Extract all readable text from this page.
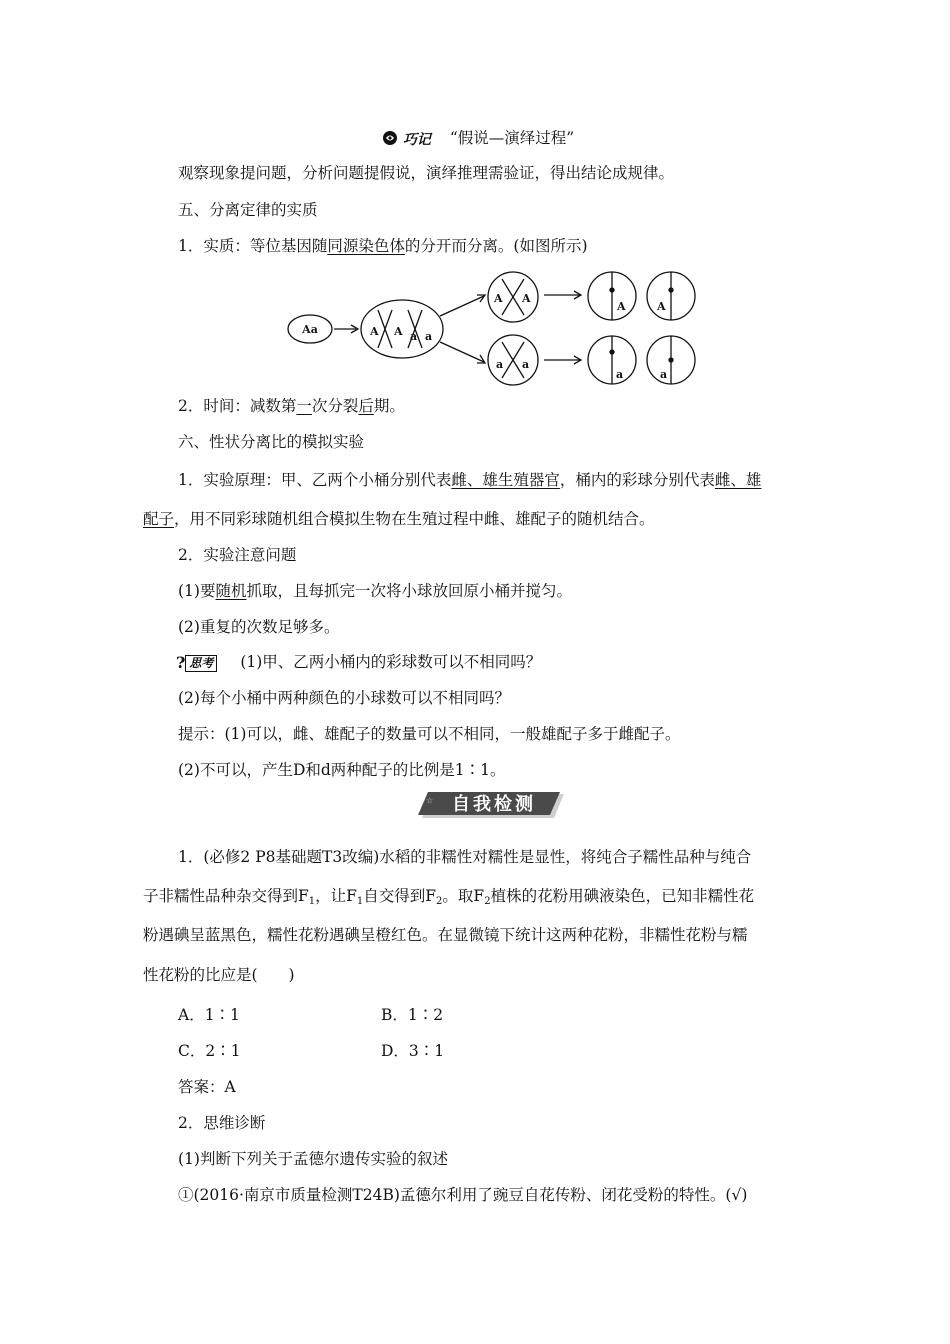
巧记 “假说—演绎过程”
观察现象提问题，分析问题提假说，演绎推理需验证，得出结论成规律。
五、分离定律的实质
1．实质：等位基因随同源染色体的分开而分离。(如图所示)
Aa	A A a a
A A
a a
A	A
a	a
2．时间：减数第一次分裂后期。
六、性状分离比的模拟实验
1．实验原理：甲、乙两个小桶分别代表雌、雄生殖器官，桶内的彩球分别代表雌、雄
配子，用不同彩球随机组合模拟生物在生殖过程中雌、雄配子的随机结合。
2．实验注意问题
(1)要随机抓取，且每抓完一次将小球放回原小桶并搅匀。
(2)重复的次数足够多。
? 思考 (1)甲、乙两小桶内的彩球数可以不相同吗？
(2)每个小桶中两种颜色的小球数可以不相同吗？
提示：(1)可以，雌、雄配子的数量可以不相同，一般雄配子多于雌配子。
(2)不可以，产生D和d两种配子的比例是1∶1。
☆ 自我检测
1．(必修2 P8基础题T3改编)水稻的非糯性对糯性是显性，将纯合子糯性品种与纯合
子非糯性品种杂交得到$F_1$，让$F_1$自交得到$F_2$。取$F_2$植株的花粉用碘液染色，已知非糯性花
粉遇碘呈蓝黑色，糯性花粉遇碘呈橙红色。在显微镜下统计这两种花粉，非糯性花粉与糯
性花粉的比应是(　　)
A．1∶1	B．1∶2
C．2∶1	D．3∶1
答案：A
2．思维诊断
(1)判断下列关于孟德尔遗传实验的叙述
①(2016·南京市质量检测T24B)孟德尔利用了豌豆自花传粉、闭花受粉的特性。(√)
